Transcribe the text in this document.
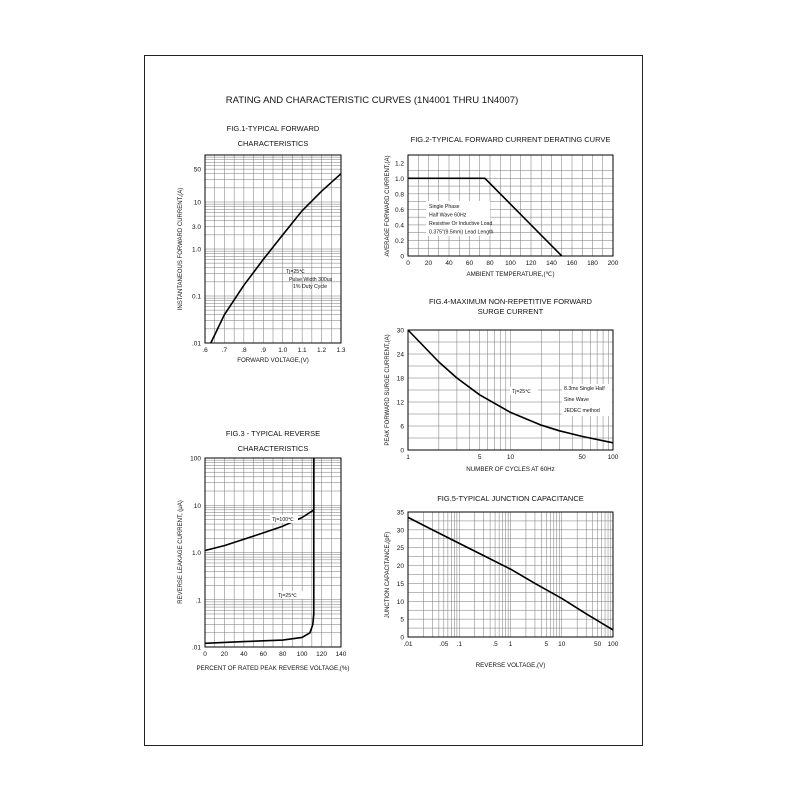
RATING AND CHARACTERISTIC CURVES (1N4001 THRU 1N4007)
.6 .7 .8 .9 1.0 1.1 1.2 1.3
.01
0.1
1.0
3.0
10
50
FIG.1-TYPICAL FORWARD
CHARACTERISTICS
FORWARD VOLTAGE,(V)
INSTANTANEOUS FORWARD CURRENT,(A)	Tj=25℃
Pulse Width 300us
1% Duty Cycle
0 20 40 60 80 100 120 140 160 180 200
0
0.2
0.4
0.6
0.8
1.0
1.2
FIG.2-TYPICAL FORWARD CURRENT DERATING CURVE
AMBIENT TEMPERATURE,(℃)
AVERAGE FORWARD CURRENT,(A)	Single Phase
Half Wave 60Hz
Resistive Or Inductive Load
0.375"(9.5mm) Lead Length
0 20 40 60 80 100 120 140
.01
.1
1.0
10
100
FIG.3 - TYPICAL REVERSE
CHARACTERISTICS
PERCENT OF RATED PEAK REVERSE VOLTAGE,(%)
REVERSE LEAKAGE CURRENT, (μA)	Tj=100℃
Tj=25℃
1	5	10	50	100
0
6
12
18
24
30
FIG.4-MAXIMUM NON-REPETITIVE FORWARD
SURGE CURRENT
NUMBER OF CYCLES AT 60Hz
PEAK FORWARD SURGE CURRENT,(A)	Tj=25℃	8.3ms Single Half
Sine Wave
JEDEC method
.01	.05 .1	.5 1	5 10	50 100
0
5
10
15
20
25
30
35
FIG.5-TYPICAL JUNCTION CAPACITANCE
REVERSE VOLTAGE,(V)
JUNCTION CAPACITANCE,(pF)
